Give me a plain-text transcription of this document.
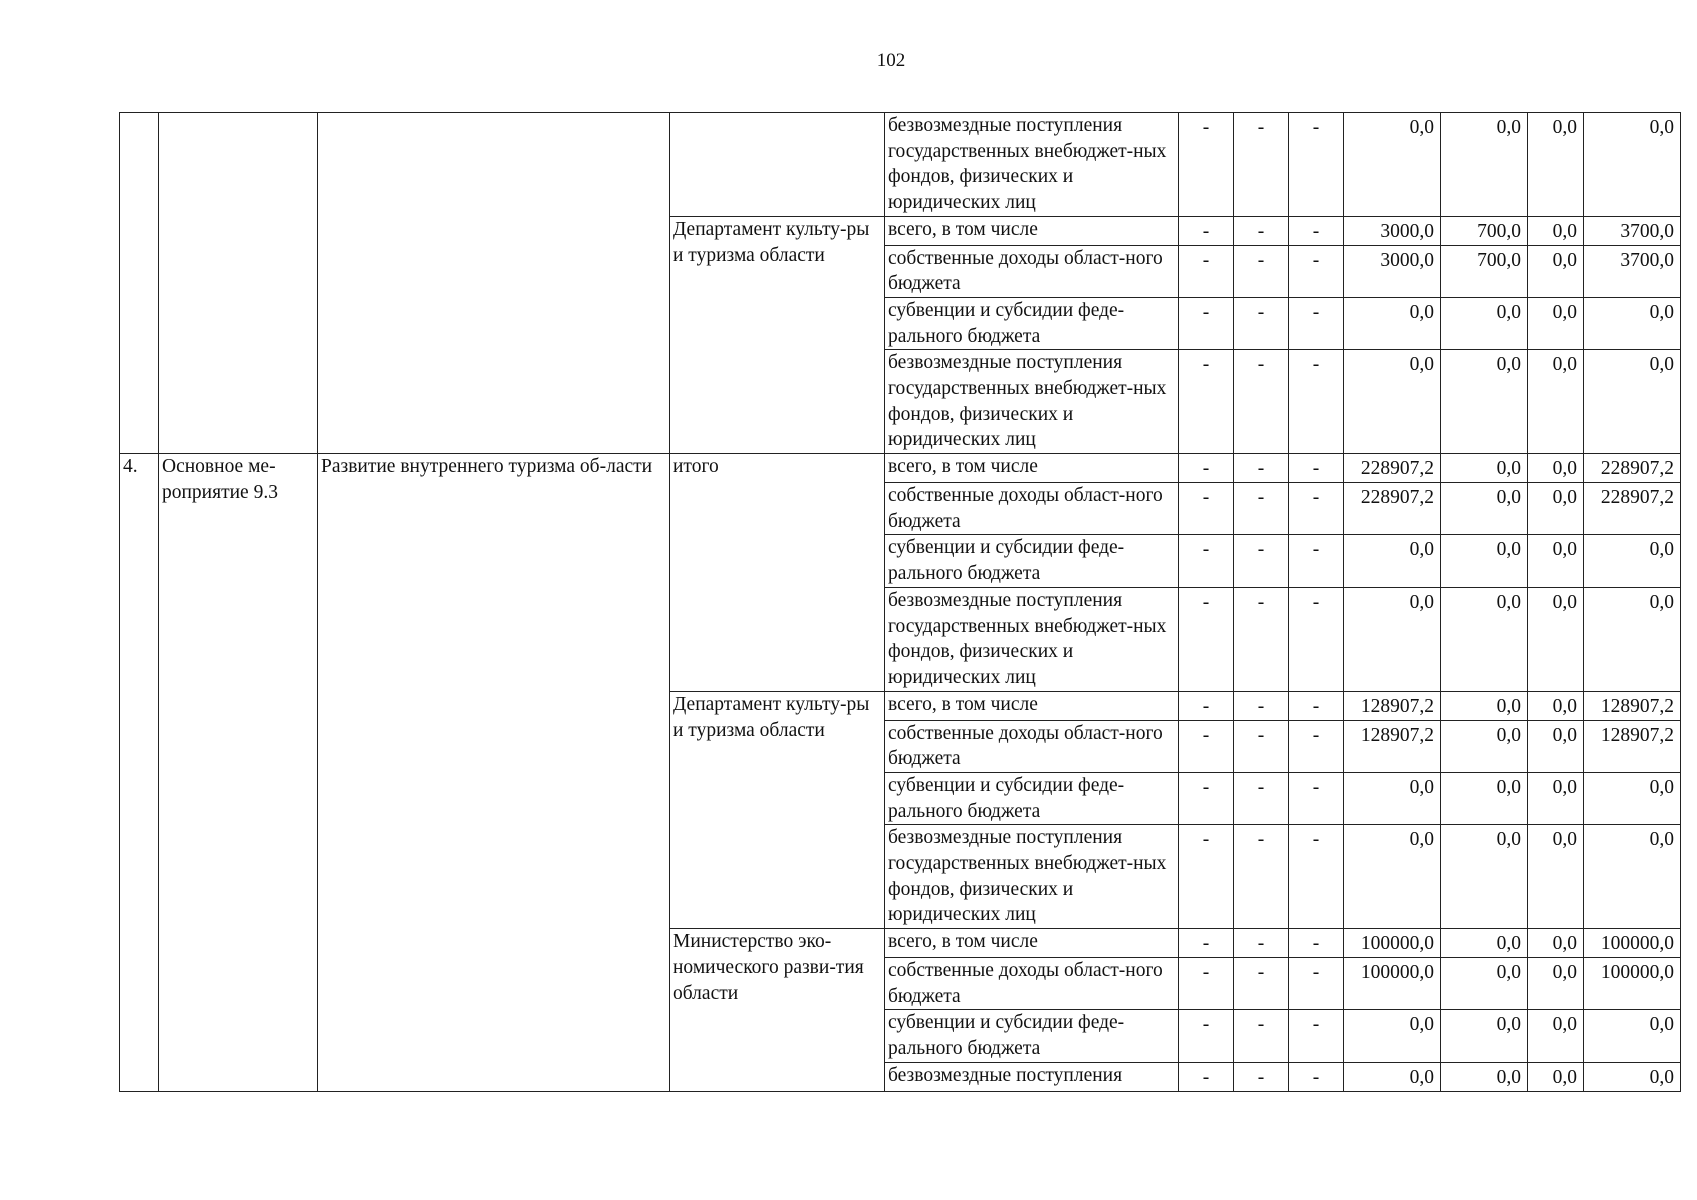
102
				безвозмездные поступления государственных внебюджет-ных фондов, физических и юридических лиц	-	-	-	0,0	0,0	0,0	0,0
			Департамент культу-ры и туризма области	всего, в том числе	-	-	-	3000,0	700,0	0,0	3700,0
				собственные доходы област-ного бюджета	-	-	-	3000,0	700,0	0,0	3700,0
				субвенции и субсидии феде-рального бюджета	-	-	-	0,0	0,0	0,0	0,0
				безвозмездные поступления государственных внебюджет-ных фондов, физических и юридических лиц	-	-	-	0,0	0,0	0,0	0,0
4.	Основное ме-роприятие 9.3	Развитие внутреннего туризма об-ласти	итого	всего, в том числе	-	-	-	228907,2	0,0	0,0	228907,2
				собственные доходы област-ного бюджета	-	-	-	228907,2	0,0	0,0	228907,2
				субвенции и субсидии феде-рального бюджета	-	-	-	0,0	0,0	0,0	0,0
				безвозмездные поступления государственных внебюджет-ных фондов, физических и юридических лиц	-	-	-	0,0	0,0	0,0	0,0
			Департамент культу-ры и туризма области	всего, в том числе	-	-	-	128907,2	0,0	0,0	128907,2
				собственные доходы област-ного бюджета	-	-	-	128907,2	0,0	0,0	128907,2
				субвенции и субсидии феде-рального бюджета	-	-	-	0,0	0,0	0,0	0,0
				безвозмездные поступления государственных внебюджет-ных фондов, физических и юридических лиц	-	-	-	0,0	0,0	0,0	0,0
			Министерство эко-номического разви-тия области	всего, в том числе	-	-	-	100000,0	0,0	0,0	100000,0
				собственные доходы област-ного бюджета	-	-	-	100000,0	0,0	0,0	100000,0
				субвенции и субсидии феде-рального бюджета	-	-	-	0,0	0,0	0,0	0,0
				безвозмездные поступления	-	-	-	0,0	0,0	0,0	0,0
